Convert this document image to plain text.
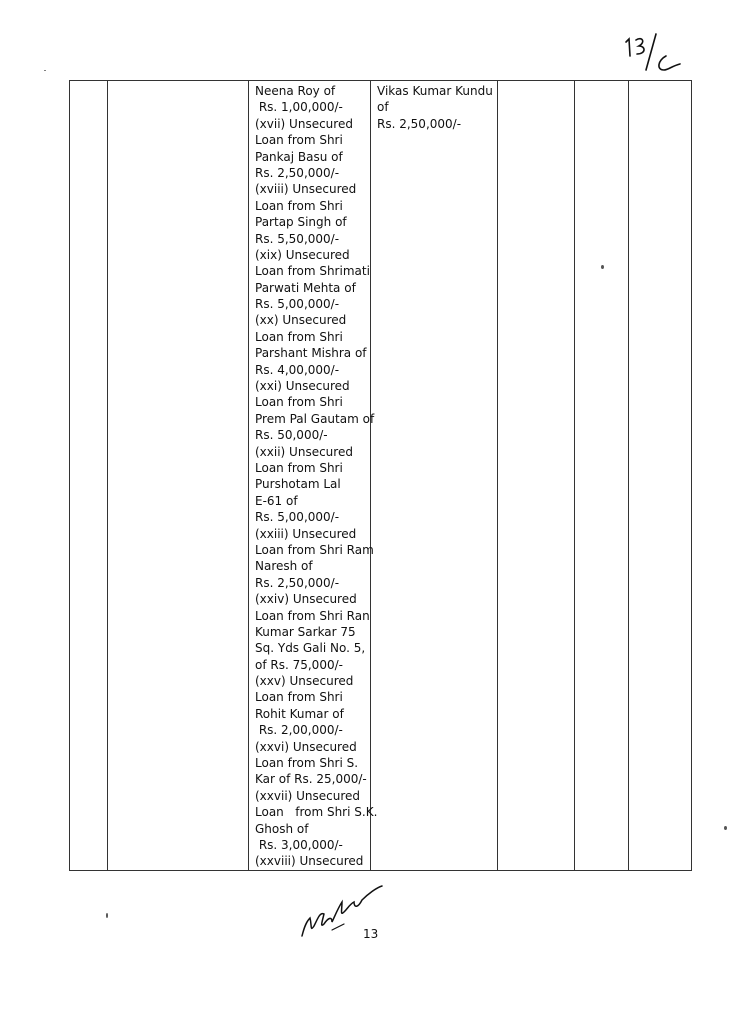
Neena Roy of
Rs. 1,00,000/-
(xvii) Unsecured
Loan from Shri
Pankaj Basu of
Rs. 2,50,000/-
(xviii) Unsecured
Loan from Shri
Partap Singh of
Rs. 5,50,000/-
(xix) Unsecured
Loan from Shrimati
Parwati Mehta of
Rs. 5,00,000/-
(xx) Unsecured
Loan from Shri
Parshant Mishra of
Rs. 4,00,000/-
(xxi) Unsecured
Loan from Shri
Prem Pal Gautam of
Rs. 50,000/-
(xxii) Unsecured
Loan from Shri
Purshotam Lal
E-61 of
Rs. 5,00,000/-
(xxiii) Unsecured
Loan from Shri Ram
Naresh of
Rs. 2,50,000/-
(xxiv) Unsecured
Loan from Shri Ran
Kumar Sarkar 75
Sq. Yds Gali No. 5,
of Rs. 75,000/-
(xxv) Unsecured
Loan from Shri
Rohit Kumar of
Rs. 2,00,000/-
(xxvi) Unsecured
Loan from Shri S.
Kar of Rs. 25,000/-
(xxvii) Unsecured
Loan   from Shri S.K.
Ghosh of
Rs. 3,00,000/-
(xxviii) Unsecured

Vikas Kumar Kundu
of
Rs. 2,50,000/-

13
